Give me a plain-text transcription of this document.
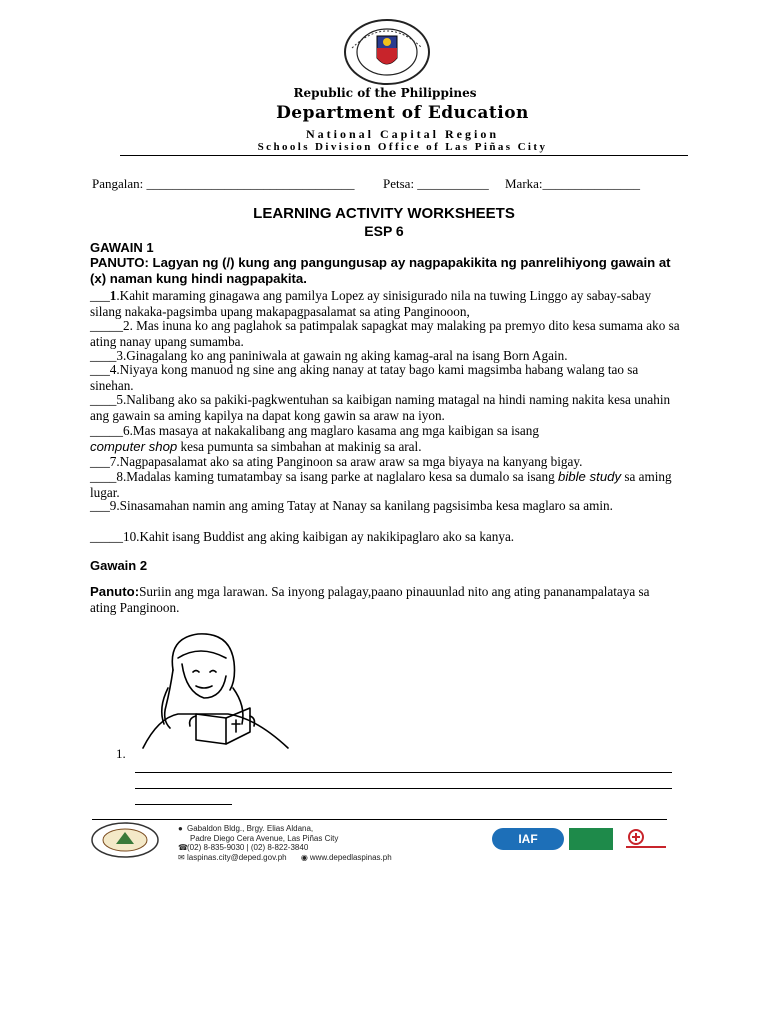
Republic of the Philippines
Department of Education
National Capital Region
Schools Division Office of Las Piñas City
Pangalan: ________________________________ Petsa: ___________ Marka:_______________
LEARNING ACTIVITY WORKSHEETS
ESP 6
GAWAIN 1
PANUTO: Lagyan ng (/) kung ang pangungusap ay nagpapakikita ng panrelihiyong gawain at (x) naman kung hindi nagpapakita.
___1.Kahit maraming ginagawa ang pamilya Lopez ay sinisigurado nila na tuwing Linggo ay sabay-sabay silang nakaka-pagsimba upang makapagpasalamat sa ating Panginooon,
_____2. Mas inuna ko ang paglahok sa patimpalak sapagkat may malaking pa premyo dito kesa sumama ako sa ating nanay upang sumamba.
____3.Ginagalang ko ang paniniwala at gawain ng aking kamag-aral na isang Born Again.
___4.Niyaya kong manuod ng sine ang aking nanay at tatay bago kami magsimba habang walang tao sa sinehan.
____5.Nalibang ako sa pakiki-pagkwentuhan sa kaibigan naming matagal na hindi naming nakita kesa unahin ang gawain sa aming kapilya na dapat kong gawin sa araw na iyon.
_____6.Mas masaya at nakakalibang ang maglaro kasama ang mga kaibigan sa isang
computer shop kesa pumunta sa simbahan at makinig sa aral.
___7.Nagpapasalamat ako sa ating Panginoon sa araw araw sa mga biyaya na kanyang bigay.
____8.Madalas kaming tumatambay sa isang parke at naglalaro kesa sa dumalo sa isang bible study sa aming lugar.
___9.Sinasamahan namin ang aming Tatay at Nanay sa kanilang pagsisimba kesa maglaro sa amin.
_____10.Kahit isang Buddist ang aking kaibigan ay nakikipaglaro ako sa kanya.
Gawain 2
Panuto:Suriin ang mga larawan. Sa inyong palagay,paano pinauunlad nito ang ating pananampalataya sa ating Panginoon.
1.
● Gabaldon Bldg., Brgy. Elias Aldana,
Padre Diego Cera Avenue, Las Piñas City
☎(02) 8-835-9030 | (02) 8-822-3840
✉ laspinas.city@deped.gov.ph ◉ www.depedlaspinas.ph
IAF
